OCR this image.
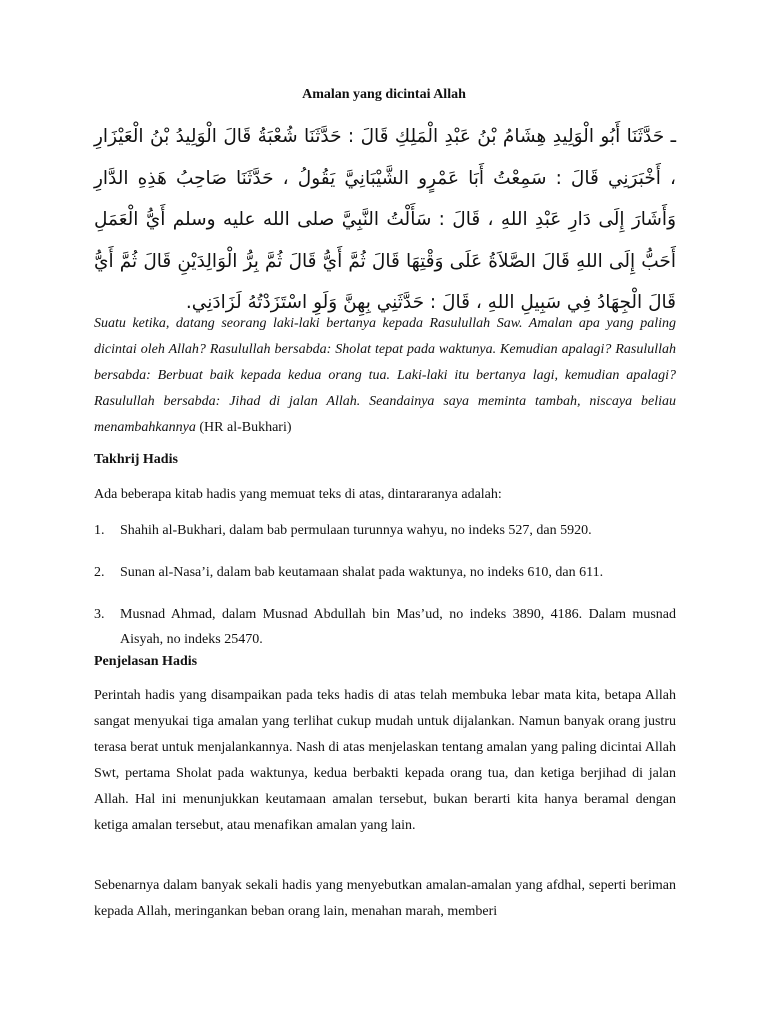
Amalan yang dicintai Allah
ـ حَدَّثَنَا أَبُو الْوَلِيدِ هِشَامُ بْنُ عَبْدِ الْمَلِكِ قَالَ : حَدَّثَنَا شُعْبَةُ قَالَ الْوَلِيدُ بْنُ الْعَيْزَارِ ، أَخْبَرَنِي قَالَ : سَمِعْتُ أَبَا عَمْرٍو الشَّيْبَانِيَّ يَقُولُ ، حَدَّثَنَا صَاحِبُ هَذِهِ الدَّارِ وَأَشَارَ إِلَى دَارِ عَبْدِ اللهِ ، قَالَ : سَأَلْتُ النَّبِيَّ صلى الله عليه وسلم أَيُّ الْعَمَلِ أَحَبُّ إِلَى اللهِ قَالَ الصَّلاَةُ عَلَى وَقْتِهَا قَالَ ثُمَّ أَيُّ قَالَ ثُمَّ بِرُّ الْوَالِدَيْنِ قَالَ ثُمَّ أَيُّ قَالَ الْجِهَادُ فِي سَبِيلِ اللهِ ، قَالَ : حَدَّثَنِي بِهِنَّ وَلَوِ اسْتَزَدْتُهُ لَزَادَنِي.
Suatu ketika, datang seorang laki-laki bertanya kepada Rasulullah Saw. Amalan apa yang paling dicintai oleh Allah? Rasulullah bersabda: Sholat tepat pada waktunya. Kemudian apalagi? Rasulullah bersabda: Berbuat baik kepada kedua orang tua. Laki-laki itu bertanya lagi, kemudian apalagi? Rasulullah bersabda: Jihad di jalan Allah. Seandainya saya meminta tambah, niscaya beliau menambahkannya (HR al-Bukhari)
Takhrij Hadis
Ada beberapa kitab hadis yang memuat teks di atas, dintararanya adalah:
1. Shahih al-Bukhari, dalam bab permulaan turunnya wahyu, no indeks 527, dan 5920.
2. Sunan al-Nasa’i, dalam bab keutamaan shalat pada waktunya, no indeks 610, dan 611.
3. Musnad Ahmad, dalam Musnad Abdullah bin Mas’ud, no indeks 3890, 4186. Dalam musnad Aisyah, no indeks 25470.
Penjelasan Hadis
Perintah hadis yang disampaikan pada teks hadis di atas telah membuka lebar mata kita, betapa Allah sangat menyukai tiga amalan yang terlihat cukup mudah untuk dijalankan. Namun banyak orang justru terasa berat untuk menjalankannya. Nash di atas menjelaskan tentang amalan yang paling dicintai Allah Swt, pertama Sholat pada waktunya, kedua berbakti kepada orang tua, dan ketiga berjihad di jalan Allah. Hal ini menunjukkan keutamaan amalan tersebut, bukan berarti kita hanya beramal dengan ketiga amalan tersebut, atau menafikan amalan yang lain.
Sebenarnya dalam banyak sekali hadis yang menyebutkan amalan-amalan yang afdhal, seperti beriman kepada Allah, meringankan beban orang lain, menahan marah, memberi
